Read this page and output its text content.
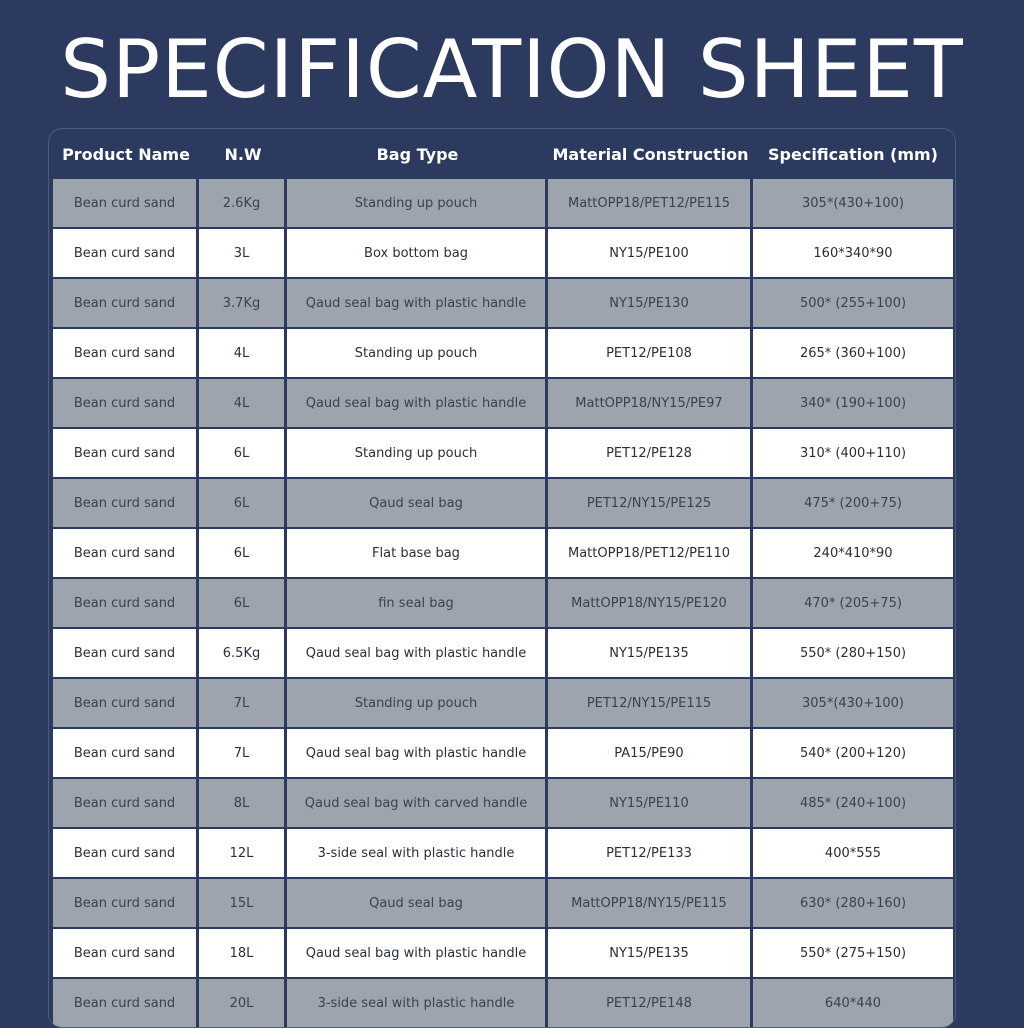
SPECIFICATION SHEET
Product Name	N.W	Bag Type	Material Construction	Specification (mm)
Bean curd sand	2.6Kg	Standing up pouch	MattOPP18/PET12/PE115	305*(430+100)
Bean curd sand	3L	Box bottom bag	NY15/PE100	160*340*90
Bean curd sand	3.7Kg	Qaud seal bag with plastic handle	NY15/PE130	500* (255+100)
Bean curd sand	4L	Standing up pouch	PET12/PE108	265* (360+100)
Bean curd sand	4L	Qaud seal bag with plastic handle	MattOPP18/NY15/PE97	340* (190+100)
Bean curd sand	6L	Standing up pouch	PET12/PE128	310* (400+110)
Bean curd sand	6L	Qaud seal bag	PET12/NY15/PE125	475* (200+75)
Bean curd sand	6L	Flat base bag	MattOPP18/PET12/PE110	240*410*90
Bean curd sand	6L	fin seal bag	MattOPP18/NY15/PE120	470* (205+75)
Bean curd sand	6.5Kg	Qaud seal bag with plastic handle	NY15/PE135	550* (280+150)
Bean curd sand	7L	Standing up pouch	PET12/NY15/PE115	305*(430+100)
Bean curd sand	7L	Qaud seal bag with plastic handle	PA15/PE90	540* (200+120)
Bean curd sand	8L	Qaud seal bag with carved handle	NY15/PE110	485* (240+100)
Bean curd sand	12L	3-side seal with plastic handle	PET12/PE133	400*555
Bean curd sand	15L	Qaud seal bag	MattOPP18/NY15/PE115	630* (280+160)
Bean curd sand	18L	Qaud seal bag with plastic handle	NY15/PE135	550* (275+150)
Bean curd sand	20L	3-side seal with plastic handle	PET12/PE148	640*440
